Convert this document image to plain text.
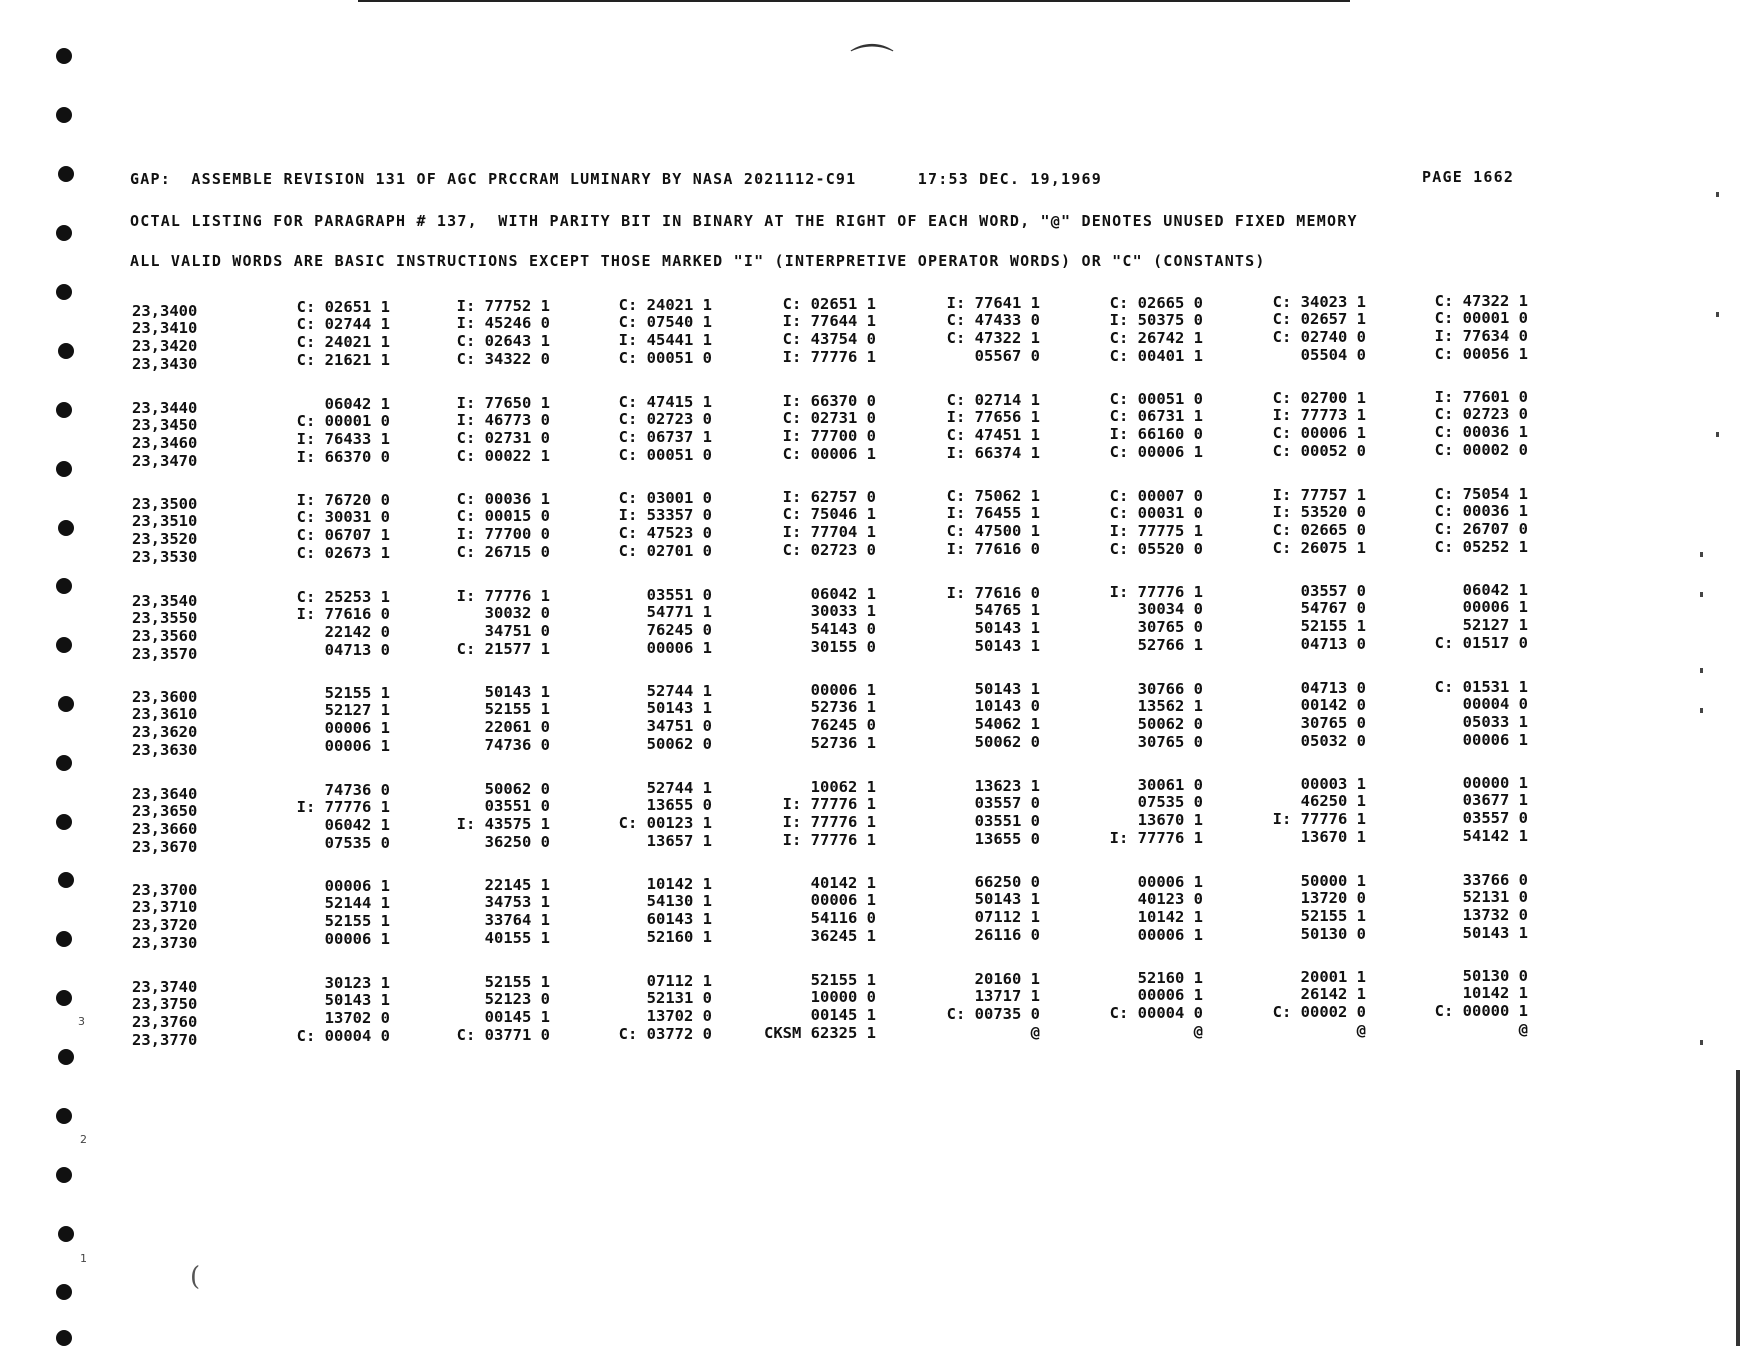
⌒
(
GAP:  ASSEMBLE REVISION 131 OF AGC PRCCRAM LUMINARY BY NASA 2021112-C91      17:53 DEC. 19,1969	PAGE 1662
OCTAL LISTING FOR PARAGRAPH # 137,  WITH PARITY BIT IN BINARY AT THE RIGHT OF EACH WORD, "@" DENOTES UNUSED FIXED MEMORY
ALL VALID WORDS ARE BASIC INSTRUCTIONS EXCEPT THOSE MARKED "I" (INTERPRETIVE OPERATOR WORDS) OR "C" (CONSTANTS)
23,3400	C: 02651 1	I: 77752 1	C: 24021 1	C: 02651 1	I: 77641 1	C: 02665 0	C: 34023 1	C: 47322 1
23,3410	C: 02744 1	I: 45246 0	C: 07540 1	I: 77644 1	C: 47433 0	I: 50375 0	C: 02657 1	C: 00001 0
23,3420	C: 24021 1	C: 02643 1	I: 45441 1	C: 43754 0	C: 47322 1	C: 26742 1	C: 02740 0	I: 77634 0
23,3430	C: 21621 1	C: 34322 0	C: 00051 0	I: 77776 1	05567 0	C: 00401 1	05504 0	C: 00056 1
23,3440	06042 1	I: 77650 1	C: 47415 1	I: 66370 0	C: 02714 1	C: 00051 0	C: 02700 1	I: 77601 0
23,3450	C: 00001 0	I: 46773 0	C: 02723 0	C: 02731 0	I: 77656 1	C: 06731 1	I: 77773 1	C: 02723 0
23,3460	I: 76433 1	C: 02731 0	C: 06737 1	I: 77700 0	C: 47451 1	I: 66160 0	C: 00006 1	C: 00036 1
23,3470	I: 66370 0	C: 00022 1	C: 00051 0	C: 00006 1	I: 66374 1	C: 00006 1	C: 00052 0	C: 00002 0
23,3500	I: 76720 0	C: 00036 1	C: 03001 0	I: 62757 0	C: 75062 1	C: 00007 0	I: 77757 1	C: 75054 1
23,3510	C: 30031 0	C: 00015 0	I: 53357 0	C: 75046 1	I: 76455 1	C: 00031 0	I: 53520 0	C: 00036 1
23,3520	C: 06707 1	I: 77700 0	C: 47523 0	I: 77704 1	C: 47500 1	I: 77775 1	C: 02665 0	C: 26707 0
23,3530	C: 02673 1	C: 26715 0	C: 02701 0	C: 02723 0	I: 77616 0	C: 05520 0	C: 26075 1	C: 05252 1
23,3540	C: 25253 1	I: 77776 1	03551 0	06042 1	I: 77616 0	I: 77776 1	03557 0	06042 1
23,3550	I: 77616 0	30032 0	54771 1	30033 1	54765 1	30034 0	54767 0	00006 1
23,3560	22142 0	34751 0	76245 0	54143 0	50143 1	30765 0	52155 1	52127 1
23,3570	04713 0	C: 21577 1	00006 1	30155 0	50143 1	52766 1	04713 0	C: 01517 0
23,3600	52155 1	50143 1	52744 1	00006 1	50143 1	30766 0	04713 0	C: 01531 1
23,3610	52127 1	52155 1	50143 1	52736 1	10143 0	13562 1	00142 0	00004 0
23,3620	00006 1	22061 0	34751 0	76245 0	54062 1	50062 0	30765 0	05033 1
23,3630	00006 1	74736 0	50062 0	52736 1	50062 0	30765 0	05032 0	00006 1
23,3640	74736 0	50062 0	52744 1	10062 1	13623 1	30061 0	00003 1	00000 1
23,3650	I: 77776 1	03551 0	13655 0	I: 77776 1	03557 0	07535 0	46250 1	03677 1
23,3660	06042 1	I: 43575 1	C: 00123 1	I: 77776 1	03551 0	13670 1	I: 77776 1	03557 0
23,3670	07535 0	36250 0	13657 1	I: 77776 1	13655 0	I: 77776 1	13670 1	54142 1
23,3700	00006 1	22145 1	10142 1	40142 1	66250 0	00006 1	50000 1	33766 0
23,3710	52144 1	34753 1	54130 1	00006 1	50143 1	40123 0	13720 0	52131 0
23,3720	52155 1	33764 1	60143 1	54116 0	07112 1	10142 1	52155 1	13732 0
23,3730	00006 1	40155 1	52160 1	36245 1	26116 0	00006 1	50130 0	50143 1
23,3740	30123 1	52155 1	07112 1	52155 1	20160 1	52160 1	20001 1	50130 0
23,3750	50143 1	52123 0	52131 0	10000 0	13717 1	00006 1	26142 1	10142 1
23,3760	13702 0	00145 1	13702 0	00145 1	C: 00735 0	C: 00004 0	C: 00002 0	C: 00000 1
23,3770	C: 00004 0	C: 03771 0	C: 03772 0	CKSM 62325 1	@	@	@	@
3
2
1
